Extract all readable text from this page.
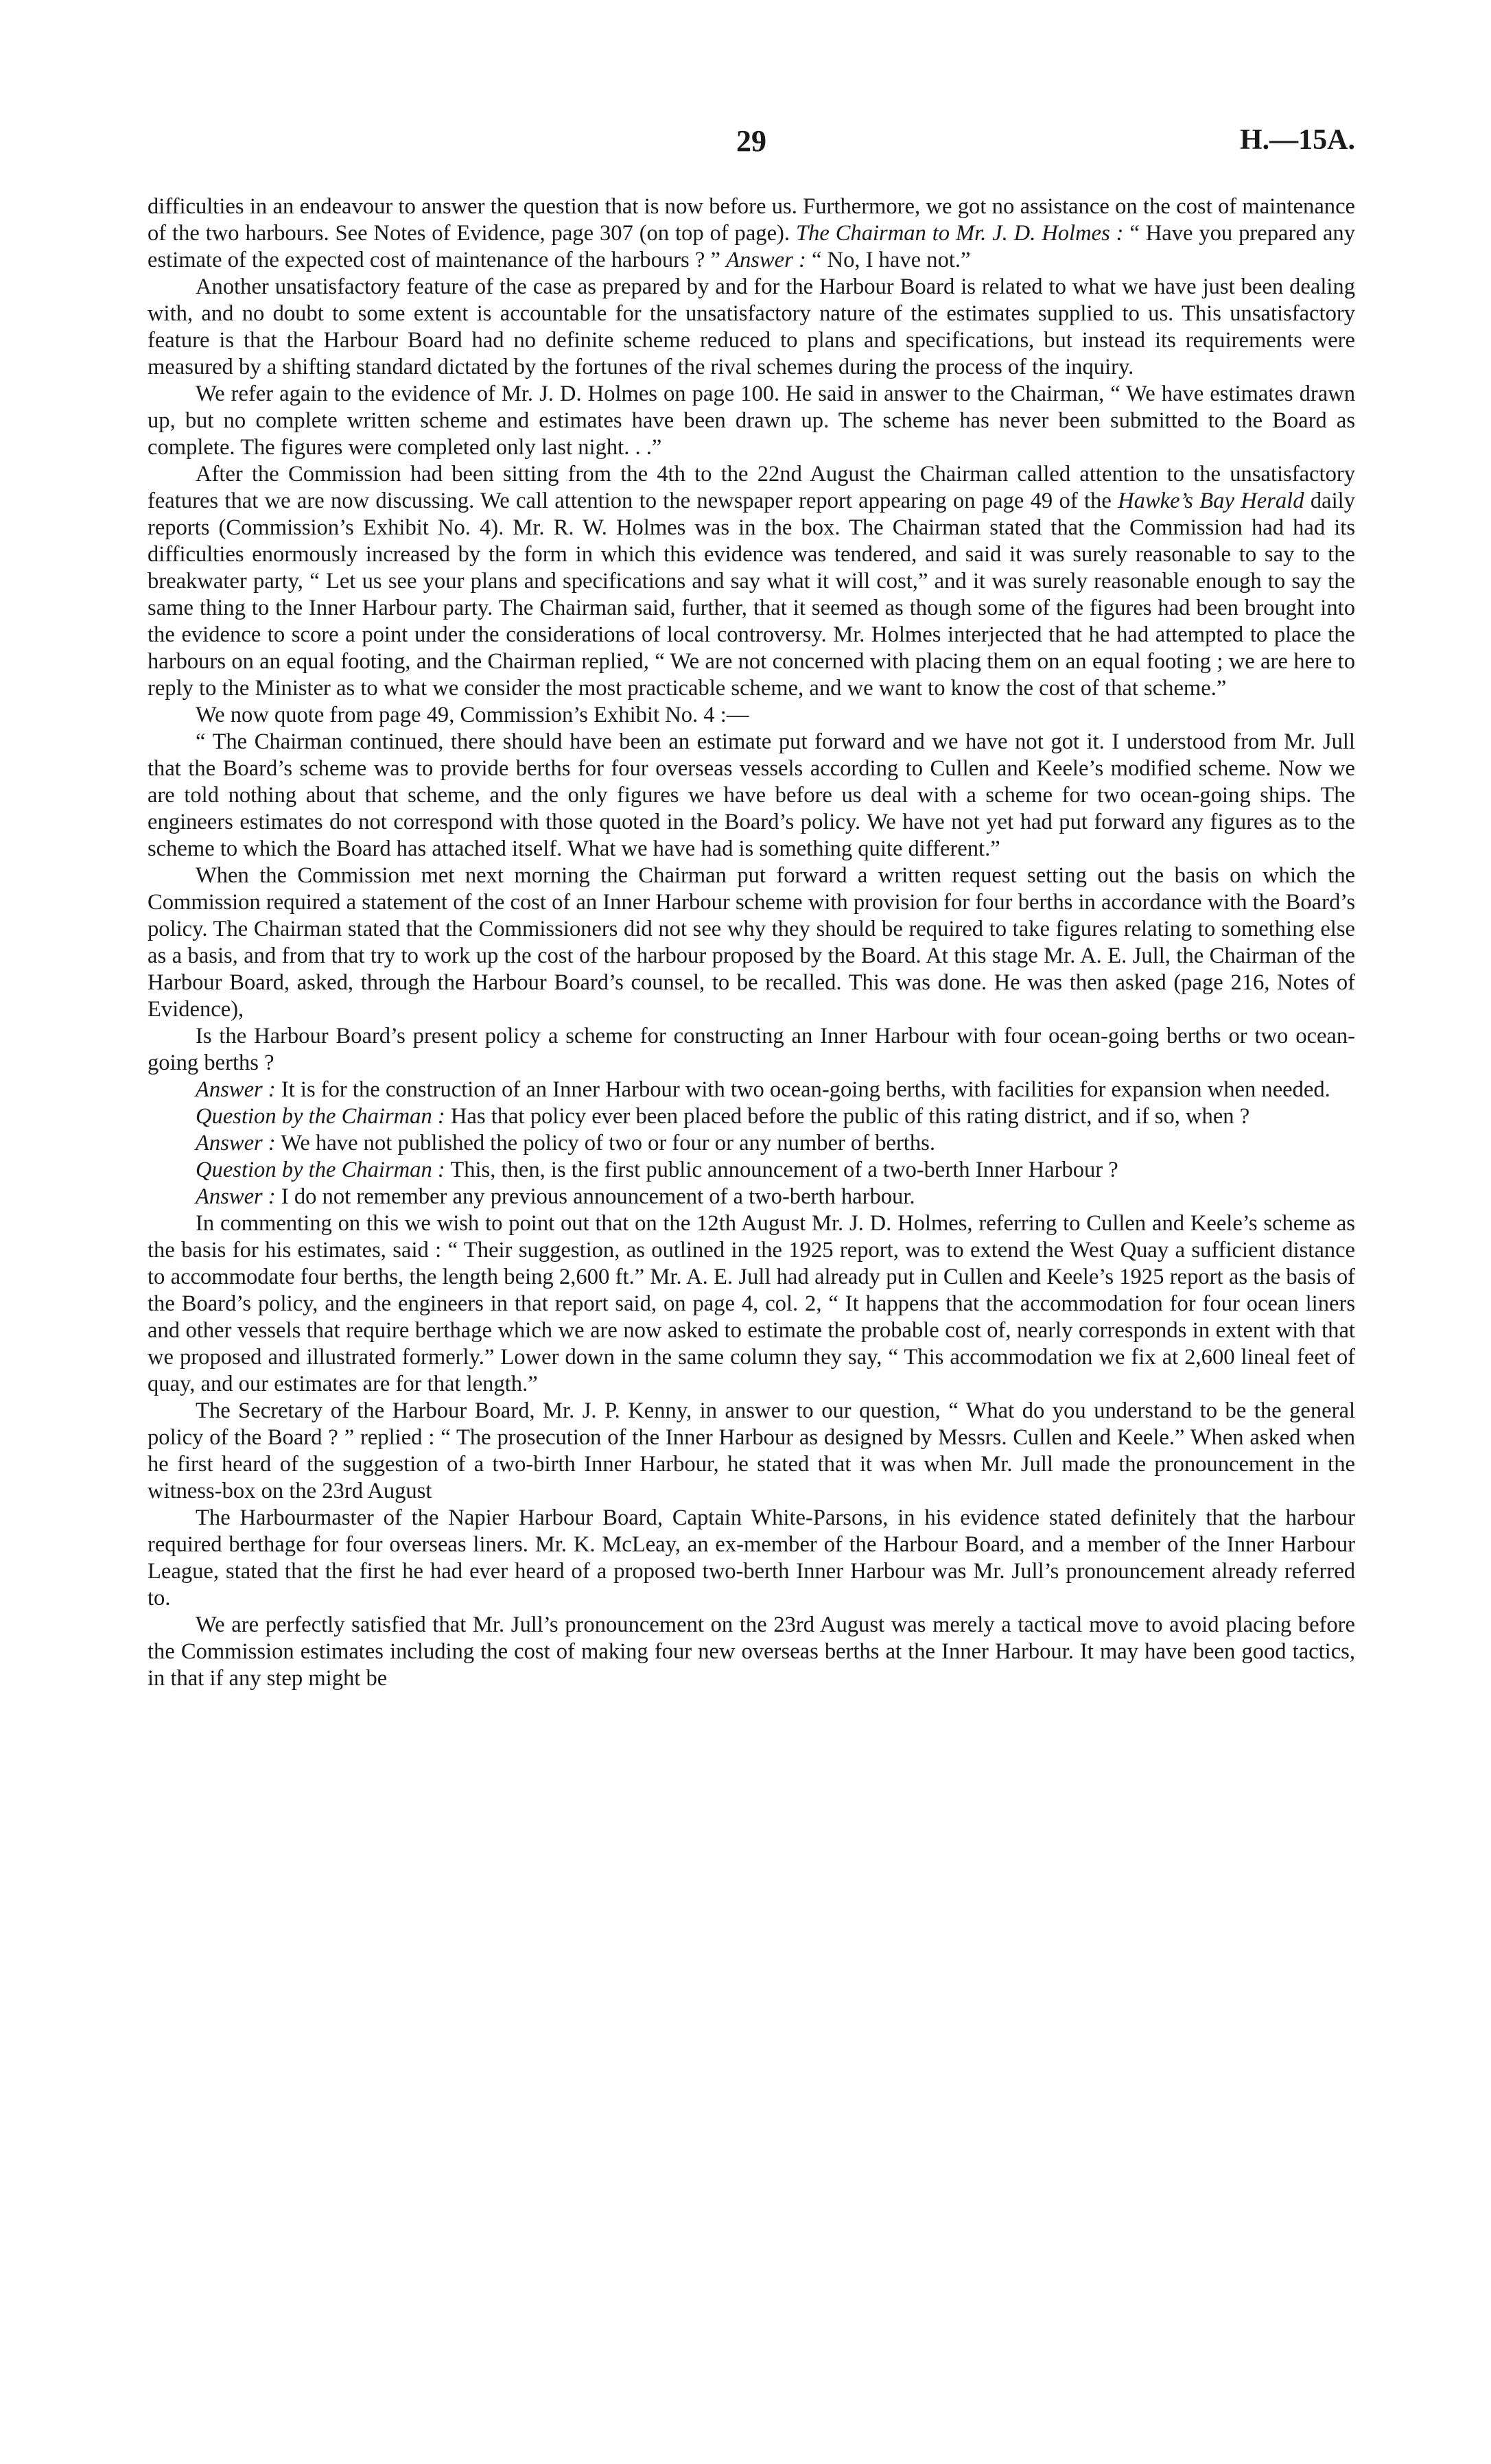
29	H.—15A.

difficulties in an endeavour to answer the question that is now before us. Furthermore, we got no assistance on the cost of maintenance of the two harbours. See Notes of Evidence, page 307 (on top of page). The Chairman to Mr. J. D. Holmes : “ Have you prepared any estimate of the expected cost of maintenance of the harbours ? ” Answer : “ No, I have not.”

Another unsatisfactory feature of the case as prepared by and for the Harbour Board is related to what we have just been dealing with, and no doubt to some extent is accountable for the unsatisfactory nature of the estimates supplied to us. This unsatisfactory feature is that the Harbour Board had no definite scheme reduced to plans and specifications, but instead its requirements were measured by a shifting standard dictated by the fortunes of the rival schemes during the process of the inquiry.

We refer again to the evidence of Mr. J. D. Holmes on page 100. He said in answer to the Chairman, “ We have estimates drawn up, but no complete written scheme and estimates have been drawn up. The scheme has never been submitted to the Board as complete. The figures were completed only last night. . .”

After the Commission had been sitting from the 4th to the 22nd August the Chairman called attention to the unsatisfactory features that we are now discussing. We call attention to the newspaper report appearing on page 49 of the Hawke’s Bay Herald daily reports (Commission’s Exhibit No. 4). Mr. R. W. Holmes was in the box. The Chairman stated that the Commission had had its difficulties enormously increased by the form in which this evidence was tendered, and said it was surely reasonable to say to the breakwater party, “ Let us see your plans and specifications and say what it will cost,” and it was surely reasonable enough to say the same thing to the Inner Harbour party. The Chairman said, further, that it seemed as though some of the figures had been brought into the evidence to score a point under the considerations of local controversy. Mr. Holmes interjected that he had attempted to place the harbours on an equal footing, and the Chairman replied, “ We are not concerned with placing them on an equal footing ; we are here to reply to the Minister as to what we consider the most practicable scheme, and we want to know the cost of that scheme.”

We now quote from page 49, Commission’s Exhibit No. 4 :—

“ The Chairman continued, there should have been an estimate put forward and we have not got it. I understood from Mr. Jull that the Board’s scheme was to provide berths for four overseas vessels according to Cullen and Keele’s modified scheme. Now we are told nothing about that scheme, and the only figures we have before us deal with a scheme for two ocean-going ships. The engineers estimates do not correspond with those quoted in the Board’s policy. We have not yet had put forward any figures as to the scheme to which the Board has attached itself. What we have had is something quite different.”

When the Commission met next morning the Chairman put forward a written request setting out the basis on which the Commission required a statement of the cost of an Inner Harbour scheme with provision for four berths in accordance with the Board’s policy. The Chairman stated that the Commissioners did not see why they should be required to take figures relating to something else as a basis, and from that try to work up the cost of the harbour proposed by the Board. At this stage Mr. A. E. Jull, the Chairman of the Harbour Board, asked, through the Harbour Board’s counsel, to be recalled. This was done. He was then asked (page 216, Notes of Evidence),

Is the Harbour Board’s present policy a scheme for constructing an Inner Harbour with four ocean-going berths or two ocean-going berths ?

Answer : It is for the construction of an Inner Harbour with two ocean-going berths, with facilities for expansion when needed.

Question by the Chairman : Has that policy ever been placed before the public of this rating district, and if so, when ?

Answer : We have not published the policy of two or four or any number of berths.

Question by the Chairman : This, then, is the first public announcement of a two-berth Inner Harbour ?

Answer : I do not remember any previous announcement of a two-berth harbour.

In commenting on this we wish to point out that on the 12th August Mr. J. D. Holmes, referring to Cullen and Keele’s scheme as the basis for his estimates, said : “ Their suggestion, as outlined in the 1925 report, was to extend the West Quay a sufficient distance to accommodate four berths, the length being 2,600 ft.” Mr. A. E. Jull had already put in Cullen and Keele’s 1925 report as the basis of the Board’s policy, and the engineers in that report said, on page 4, col. 2, “ It happens that the accommodation for four ocean liners and other vessels that require berthage which we are now asked to estimate the probable cost of, nearly corresponds in extent with that we proposed and illustrated formerly.” Lower down in the same column they say, “ This accommodation we fix at 2,600 lineal feet of quay, and our estimates are for that length.”

The Secretary of the Harbour Board, Mr. J. P. Kenny, in answer to our question, “ What do you understand to be the general policy of the Board ? ” replied : “ The prosecution of the Inner Harbour as designed by Messrs. Cullen and Keele.” When asked when he first heard of the suggestion of a two-birth Inner Harbour, he stated that it was when Mr. Jull made the pronouncement in the witness-box on the 23rd August

The Harbourmaster of the Napier Harbour Board, Captain White-Parsons, in his evidence stated definitely that the harbour required berthage for four overseas liners. Mr. K. McLeay, an ex-member of the Harbour Board, and a member of the Inner Harbour League, stated that the first he had ever heard of a proposed two-berth Inner Harbour was Mr. Jull’s pronouncement already referred to.

We are perfectly satisfied that Mr. Jull’s pronouncement on the 23rd August was merely a tactical move to avoid placing before the Commission estimates including the cost of making four new overseas berths at the Inner Harbour. It may have been good tactics, in that if any step might be
